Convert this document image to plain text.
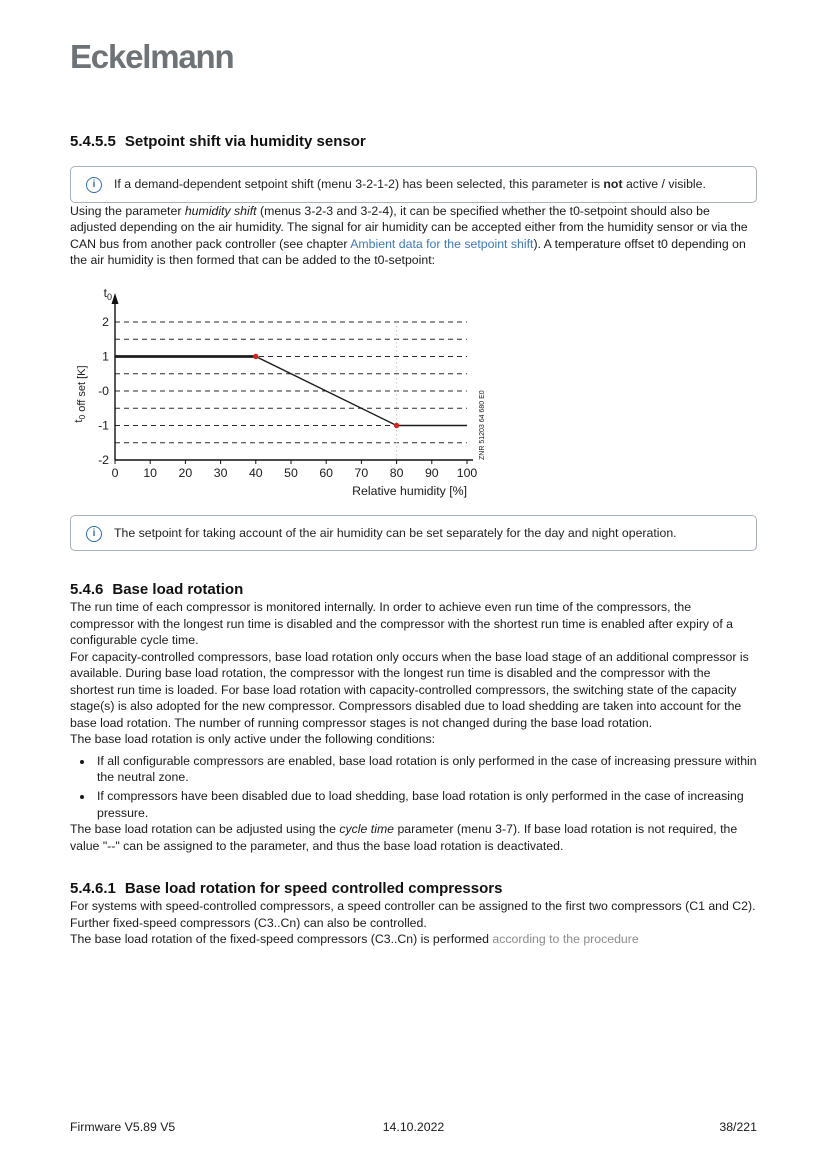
Eckelmann
5.4.5.5 Setpoint shift via humidity sensor
i	If a demand-dependent setpoint shift (menu 3-2-1-2) has been selected, this parameter is not active / visible.

Using the parameter humidity shift (menus 3-2-3 and 3-2-4), it can be specified whether the t0-setpoint should also be adjusted depending on the air humidity. The signal for air humidity can be accepted either from the humidity sensor or via the CAN bus from another pack controller (see chapter Ambient data for the setpoint shift). A temperature offset t0 depending on the air humidity is then formed that can be added to the t0-setpoint:

0 10 20 30 40 50 60 70 80 90 100
2
1
-0
-1
-2
$t_0$
$t_0$ off set [K]
Relative humidity [%]
ZNR 51203 64 680 E0
i	The setpoint for taking account of the air humidity can be set separately for the day and night operation.
5.4.6 Base load rotation

The run time of each compressor is monitored internally. In order to achieve even run time of the compressors, the compressor with the longest run time is disabled and the compressor with the shortest run time is enabled after expiry of a configurable cycle time.

For capacity-controlled compressors, base load rotation only occurs when the base load stage of an additional compressor is available. During base load rotation, the compressor with the longest run time is disabled and the compressor with the shortest run time is loaded. For base load rotation with capacity-controlled compressors, the switching state of the capacity stage(s) is also adopted for the new compressor. Compressors disabled due to load shedding are taken into account for the base load rotation. The number of running compressor stages is not changed during the base load rotation.

The base load rotation is only active under the following conditions:

• If all configurable compressors are enabled, base load rotation is only performed in the case of increasing pressure within the neutral zone.
• If compressors have been disabled due to load shedding, base load rotation is only performed in the case of increasing pressure.

The base load rotation can be adjusted using the cycle time parameter (menu 3-7). If base load rotation is not required, the value "--" can be assigned to the parameter, and thus the base load rotation is deactivated.

5.4.6.1 Base load rotation for speed controlled compressors

For systems with speed-controlled compressors, a speed controller can be assigned to the first two compressors (C1 and C2). Further fixed-speed compressors (C3..Cn) can also be controlled.
The base load rotation of the fixed-speed compressors (C3..Cn) is performed according to the procedure

Firmware V5.89 V5	14.10.2022	38/221
